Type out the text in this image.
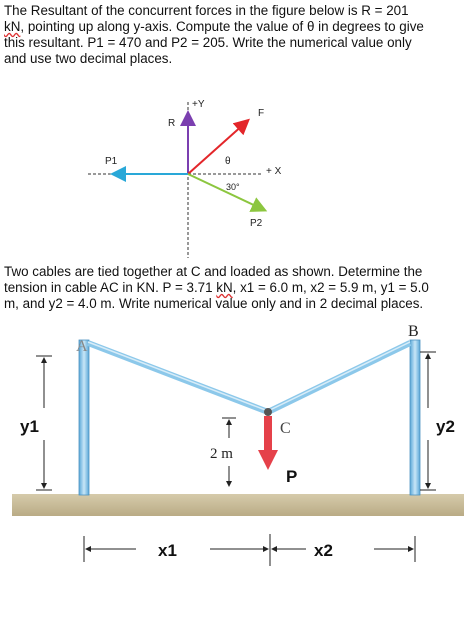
The Resultant of the concurrent forces in the figure below is R = 201
kN, pointing up along y-axis. Compute the value of θ in degrees to give
this resultant. P1 = 470 and P2 = 205. Write the numerical value only
and use two decimal places.
+Y
R
F
P1	θ
+ X
30°
P2
Two cables are tied together at C and loaded as shown. Determine the
tension in cable AC in KN. P = 3.71 kN, x1 = 6.0 m, x2 = 5.9 m, y1 = 5.0
m, and y2 = 4.0 m. Write numerical value only and in 2 decimal places.
A
B
C
y1	y2
2 m
P
x1	x2
